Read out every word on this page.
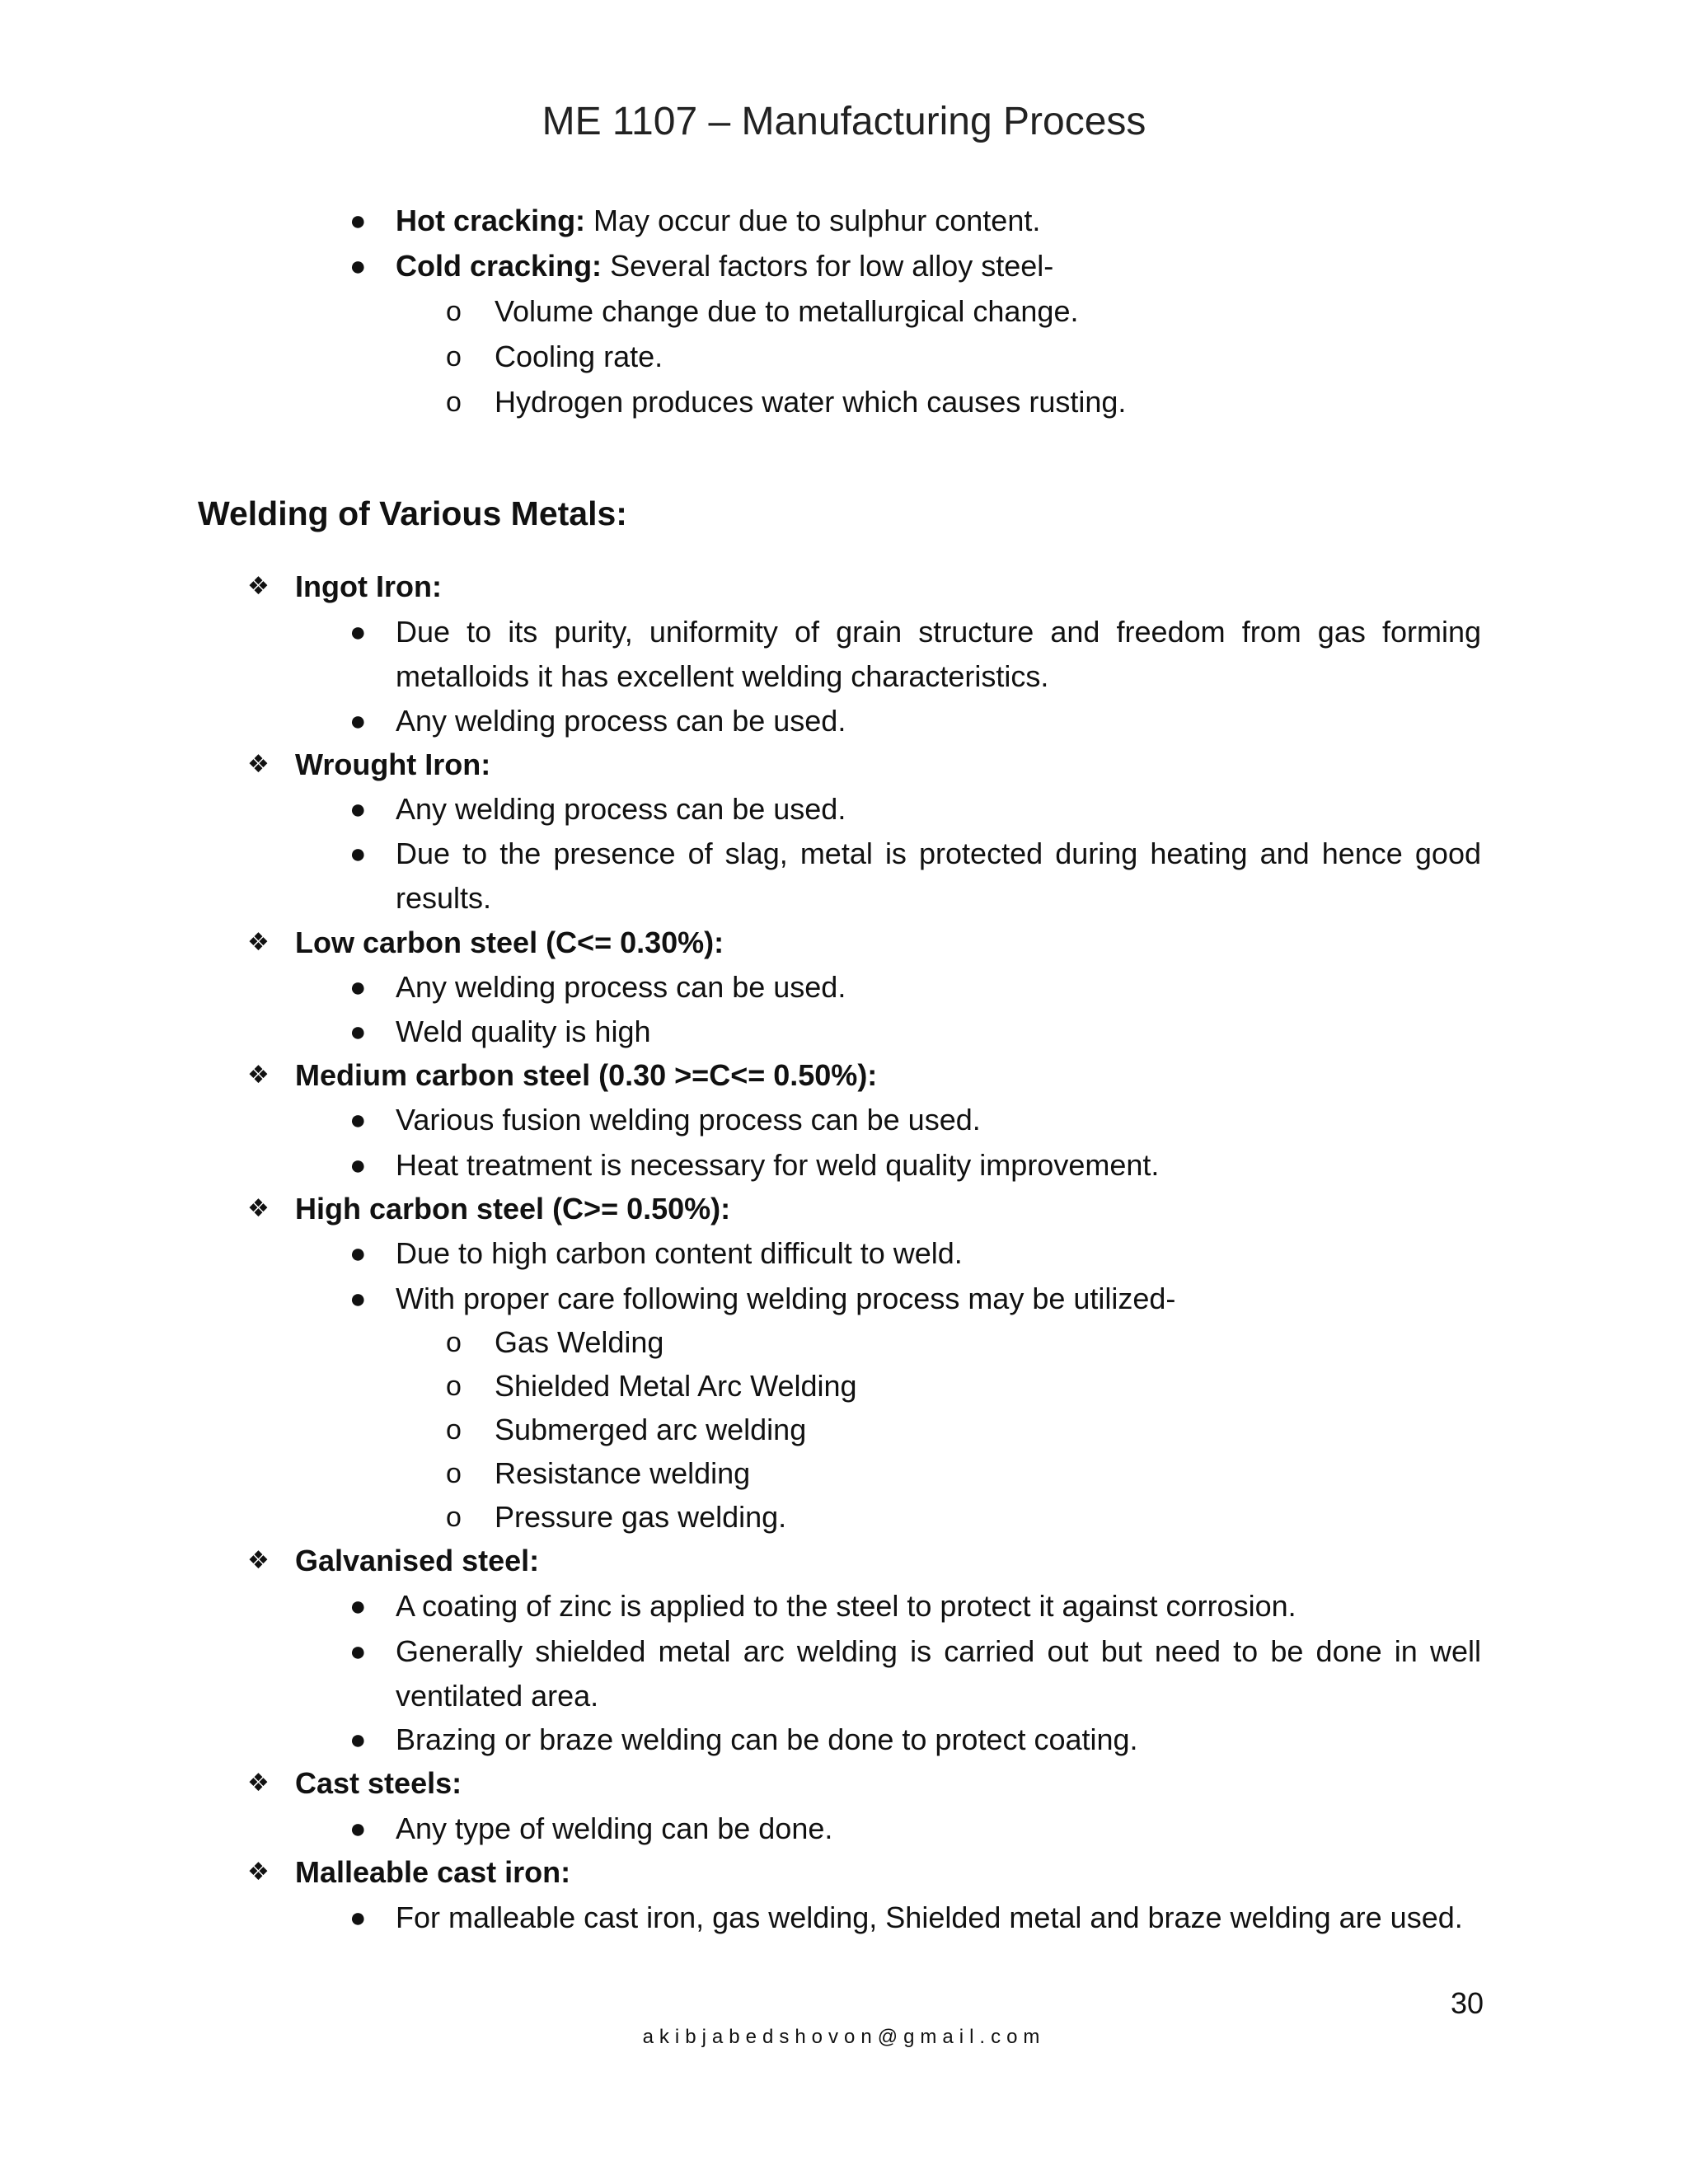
ME 1107 – Manufacturing Process
● Hot cracking: May occur due to sulphur content.
● Cold cracking: Several factors for low alloy steel-
o Volume change due to metallurgical change.
o Cooling rate.
o Hydrogen produces water which causes rusting.
Welding of Various Metals:
❖ Ingot Iron:
● Due to its purity, uniformity of grain structure and freedom from gas forming metalloids it has excellent welding characteristics.
● Any welding process can be used.
❖ Wrought Iron:
● Any welding process can be used.
● Due to the presence of slag, metal is protected during heating and hence good results.
❖ Low carbon steel (C<= 0.30%):
● Any welding process can be used.
● Weld quality is high
❖ Medium carbon steel (0.30 >=C<= 0.50%):
● Various fusion welding process can be used.
● Heat treatment is necessary for weld quality improvement.
❖ High carbon steel (C>= 0.50%):
● Due to high carbon content difficult to weld.
● With proper care following welding process may be utilized-
o Gas Welding
o Shielded Metal Arc Welding
o Submerged arc welding
o Resistance welding
o Pressure gas welding.
❖ Galvanised steel:
● A coating of zinc is applied to the steel to protect it against corrosion.
● Generally shielded metal arc welding is carried out but need to be done in well ventilated area.
● Brazing or braze welding can be done to protect coating.
❖ Cast steels:
● Any type of welding can be done.
❖ Malleable cast iron:
● For malleable cast iron, gas welding, Shielded metal and braze welding are used.
30
akibjabedshovon@gmail.com
